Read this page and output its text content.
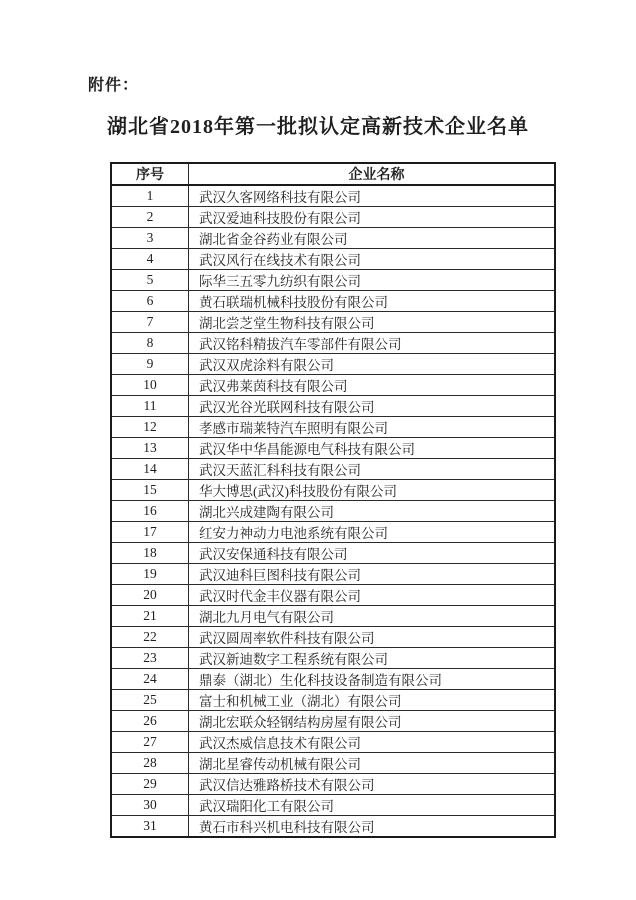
附件：
湖北省2018年第一批拟认定高新技术企业名单
序号	企业名称
1	武汉久客网络科技有限公司
2	武汉爱迪科技股份有限公司
3	湖北省金谷药业有限公司
4	武汉风行在线技术有限公司
5	际华三五零九纺织有限公司
6	黄石联瑞机械科技股份有限公司
7	湖北尝芝堂生物科技有限公司
8	武汉铭科精拔汽车零部件有限公司
9	武汉双虎涂料有限公司
10	武汉弗莱茵科技有限公司
11	武汉光谷光联网科技有限公司
12	孝感市瑞莱特汽车照明有限公司
13	武汉华中华昌能源电气科技有限公司
14	武汉天蓝汇科科技有限公司
15	华大博思(武汉)科技股份有限公司
16	湖北兴成建陶有限公司
17	红安力神动力电池系统有限公司
18	武汉安保通科技有限公司
19	武汉迪科巨图科技有限公司
20	武汉时代金丰仪器有限公司
21	湖北九月电气有限公司
22	武汉圆周率软件科技有限公司
23	武汉新迪数字工程系统有限公司
24	鼎泰（湖北）生化科技设备制造有限公司
25	富士和机械工业（湖北）有限公司
26	湖北宏联众轻钢结构房屋有限公司
27	武汉杰威信息技术有限公司
28	湖北星睿传动机械有限公司
29	武汉信达雅路桥技术有限公司
30	武汉瑞阳化工有限公司
31	黄石市科兴机电科技有限公司
